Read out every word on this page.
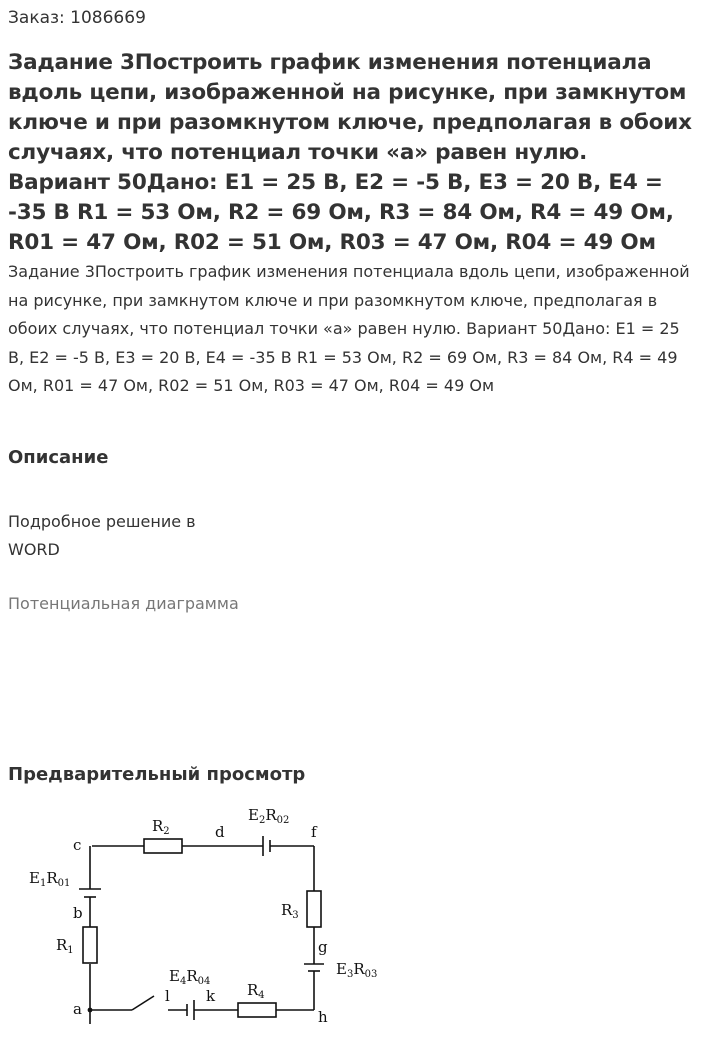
Заказ: 1086669
Задание 3Построить график изменения потенциала вдоль цепи, изображенной на рисунке, при замкнутом ключе и при разомкнутом ключе, предполагая в обоих случаях, что потенциал точки «а» равен нулю. Вариант 50Дано: E1 = 25 В, E2 = -5 В, E3 = 20 В, E4 = -35 В R1 = 53 Ом, R2 = 69 Ом, R3 = 84 Ом, R4 = 49 Ом, R01 = 47 Ом, R02 = 51 Ом, R03 = 47 Ом, R04 = 49 Ом
Задание 3Построить график изменения потенциала вдоль цепи, изображенной на рисунке, при замкнутом ключе и при разомкнутом ключе, предполагая в обоих случаях, что потенциал точки «а» равен нулю. Вариант 50Дано: E1 = 25 В, E2 = -5 В, E3 = 20 В, E4 = -35 В R1 = 53 Ом, R2 = 69 Ом, R3 = 84 Ом, R4 = 49 Ом, R01 = 47 Ом, R02 = 51 Ом, R03 = 47 Ом, R04 = 49 Ом
Описание
Подробное решение в
WORD
Потенциальная диаграмма
Предварительный просмотр
c
d	f
b
g
a	h
k
l
$R_2$
$R_3$
$R_4$
$R_1$
$E_1R_{01}$
$E_2R_{02}$
$E_3R_{03}$
$E_4R_{04}$
